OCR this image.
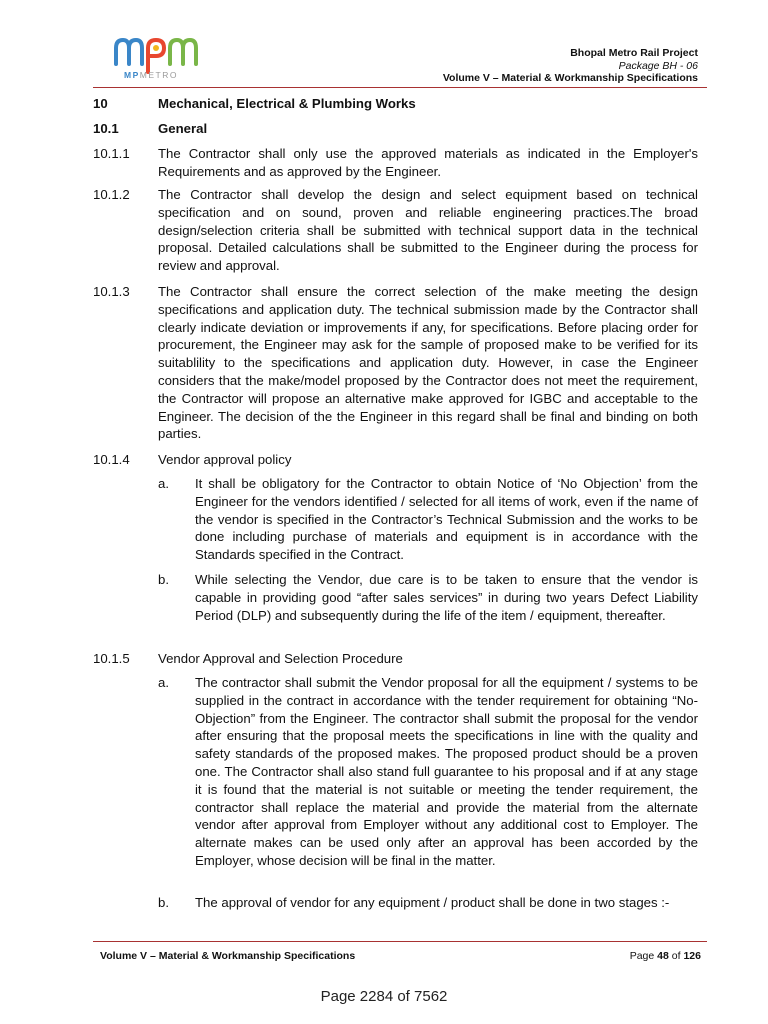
MPMETRO
Bhopal Metro Rail Project
Package BH - 06
Volume V – Material & Workmanship Specifications
10	Mechanical, Electrical & Plumbing Works
10.1	General
10.1.1 The Contractor shall only use the approved materials as indicated in the Employer's Requirements and as approved by the Engineer.
10.1.2 The Contractor shall develop the design and select equipment based on technical specification and on sound, proven and reliable engineering practices.The broad design/selection criteria shall be submitted with technical support data in the technical proposal. Detailed calculations shall be submitted to the Engineer during the process for review and approval.
10.1.3 The Contractor shall ensure the correct selection of the make meeting the design specifications and application duty. The technical submission made by the Contractor shall clearly indicate deviation or improvements if any, for specifications. Before placing order for procurement, the Engineer may ask for the sample of proposed make to be verified for its suitablility to the specifications and application duty. However, in case the Engineer considers that the make/model proposed by the Contractor does not meet the requirement, the Contractor will propose an alternative make approved for IGBC and acceptable to the Engineer. The decision of the the Engineer in this regard shall be final and binding on both parties.
10.1.4 Vendor approval policy
a. It shall be obligatory for the Contractor to obtain Notice of ‘No Objection’ from the Engineer for the vendors identified / selected for all items of work, even if the name of the vendor is specified in the Contractor’s Technical Submission and the works to be done including purchase of materials and equipment is in accordance with the Standards specified in the Contract.
b. While selecting the Vendor, due care is to be taken to ensure that the vendor is capable in providing good “after sales services” in during two years Defect Liability Period (DLP) and subsequently during the life of the item / equipment, thereafter.
10.1.5 Vendor Approval and Selection Procedure
a. The contractor shall submit the Vendor proposal for all the equipment / systems to be supplied in the contract in accordance with the tender requirement for obtaining “No-Objection” from the Engineer. The contractor shall submit the proposal for the vendor after ensuring that the proposal meets the specifications in line with the quality and safety standards of the proposed makes. The proposed product should be a proven one. The Contractor shall also stand full guarantee to his proposal and if at any stage it is found that the material is not suitable or meeting the tender requirement, the contractor shall replace the material and provide the material from the alternate vendor after approval from Employer without any additional cost to Employer. The alternate makes can be used only after an approval has been accorded by the Employer, whose decision will be final in the matter.
b. The approval of vendor for any equipment / product shall be done in two stages :-
Volume V – Material & Workmanship Specifications	Page 48 of 126
Page 2284 of 7562
